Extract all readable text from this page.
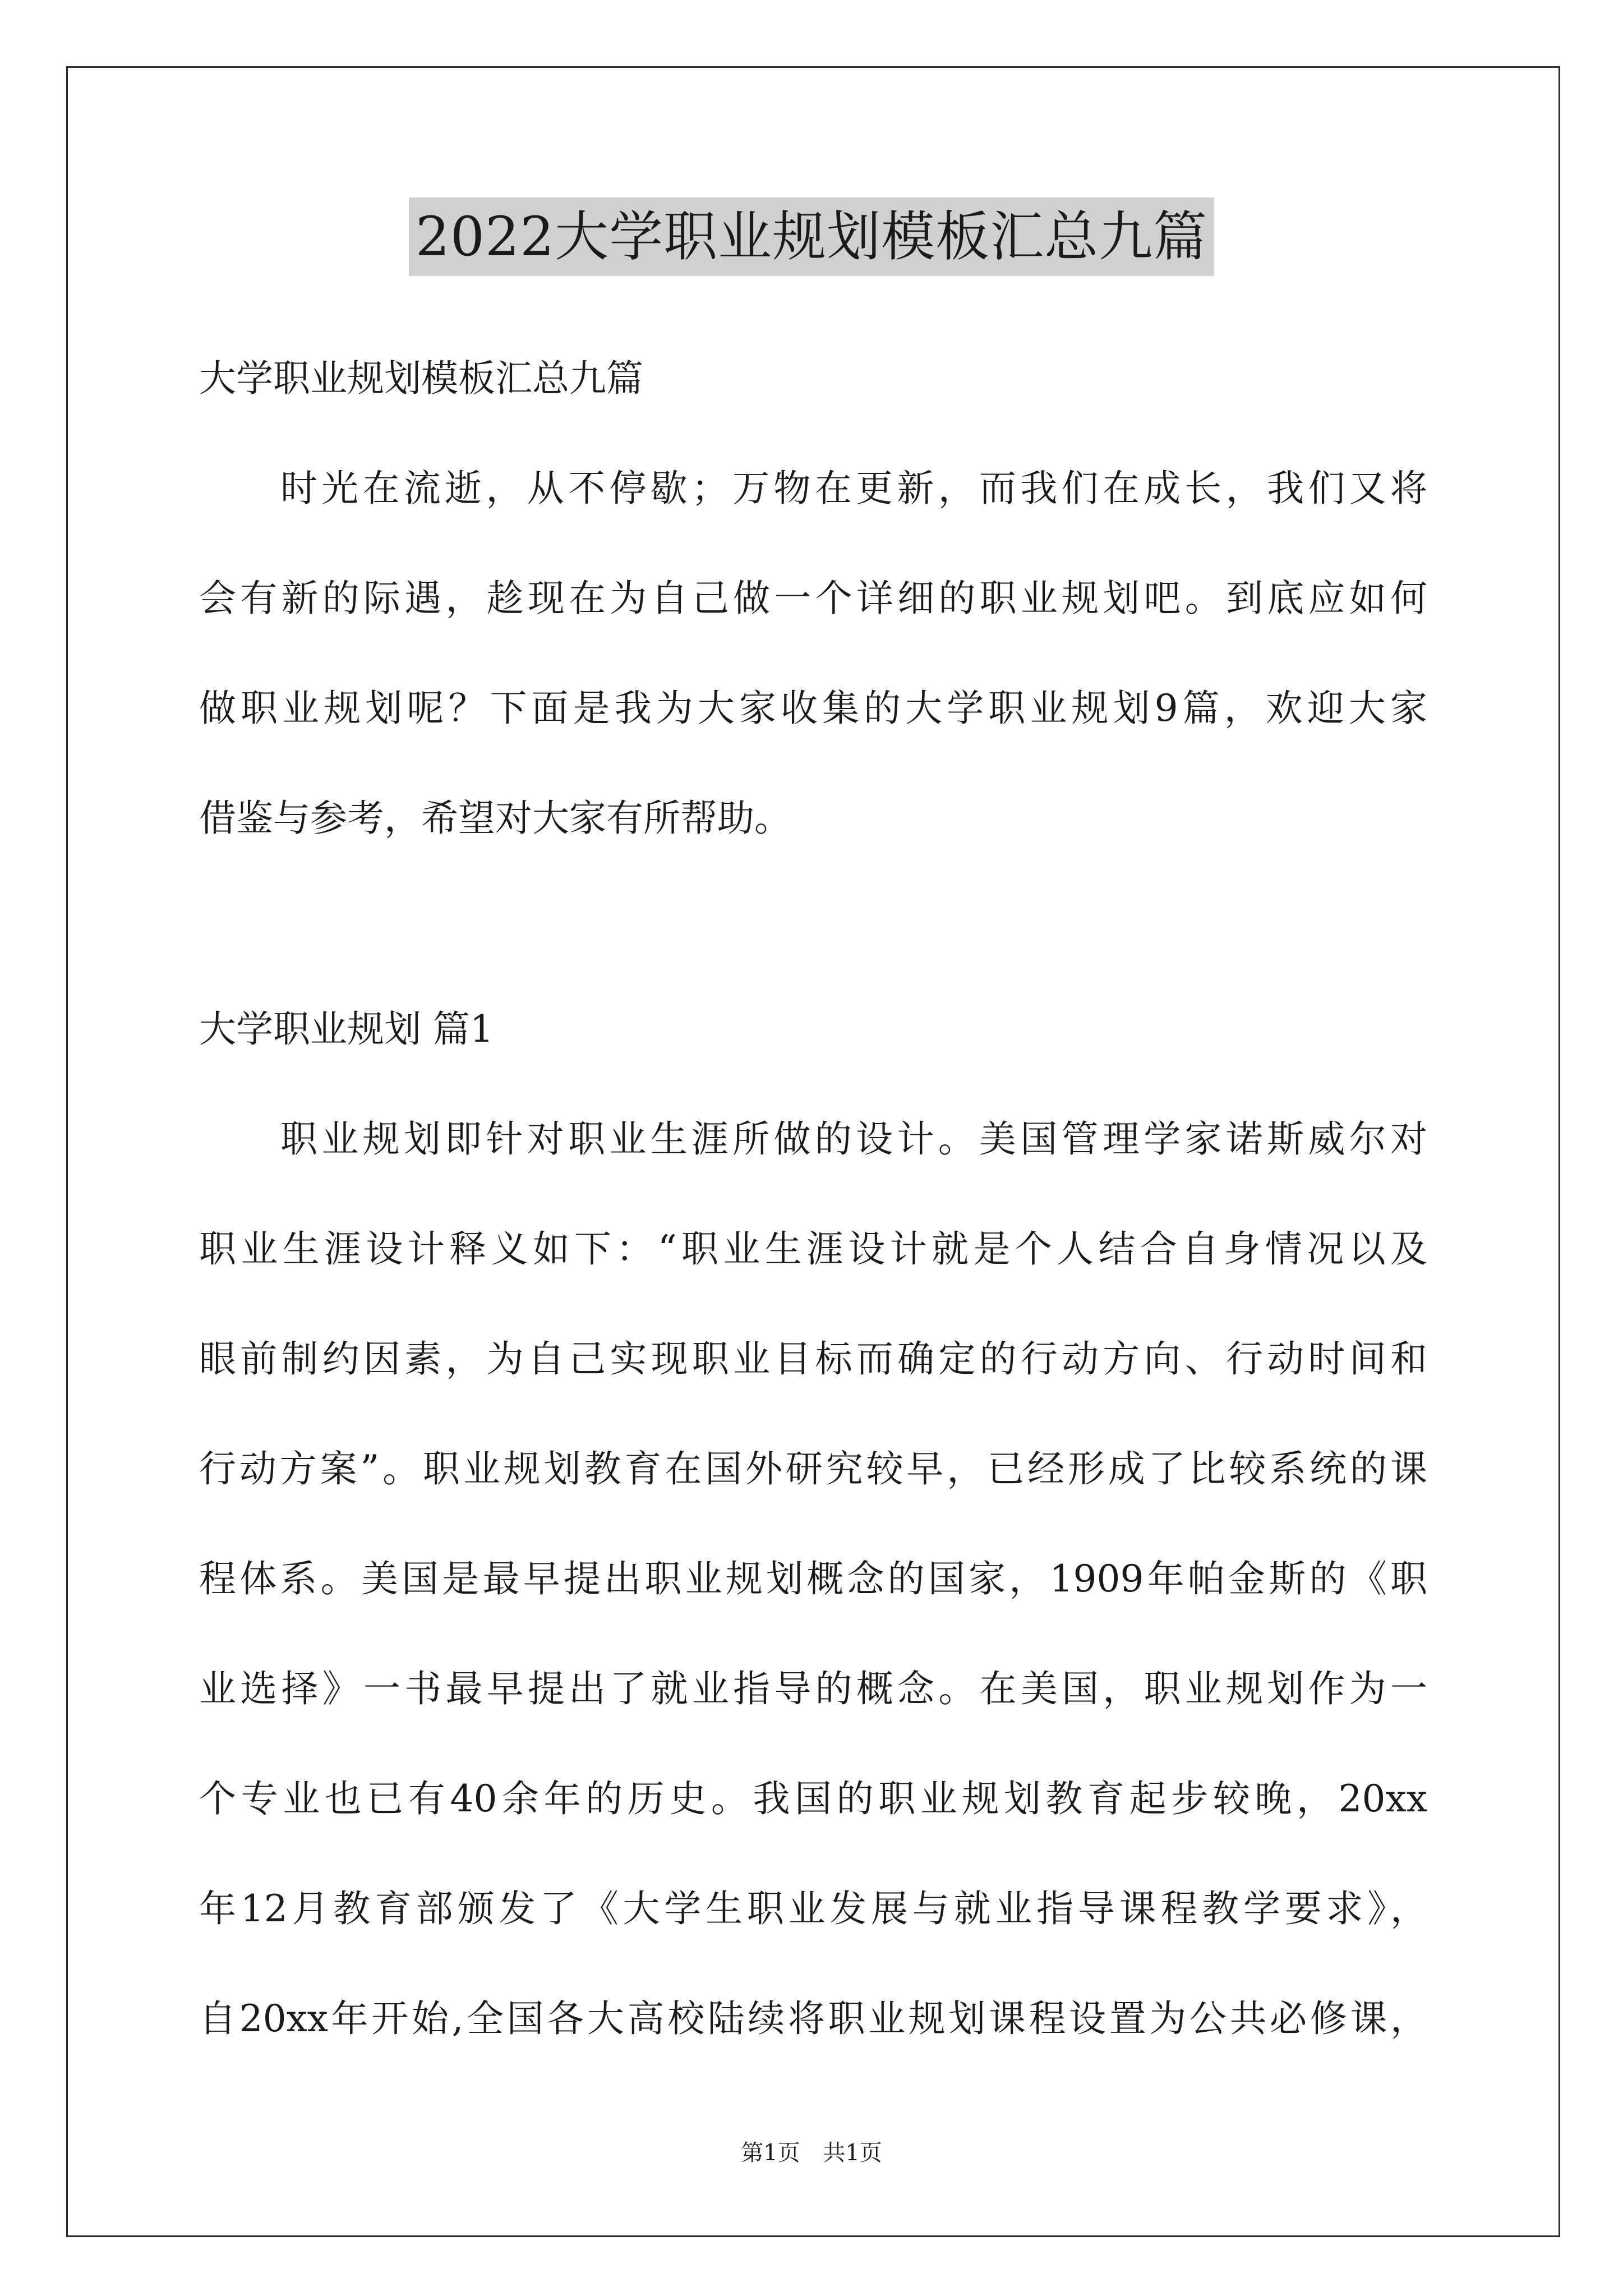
2022大学职业规划模板汇总九篇
大学职业规划模板汇总九篇
时光在流逝，从不停歇；万物在更新，而我们在成长，我们又将
会有新的际遇，趁现在为自己做一个详细的职业规划吧。到底应如何
做职业规划呢？下面是我为大家收集的大学职业规划9篇，欢迎大家
借鉴与参考，希望对大家有所帮助。
大学职业规划 篇1
职业规划即针对职业生涯所做的设计。美国管理学家诺斯威尔对
职业生涯设计释义如下：“职业生涯设计就是个人结合自身情况以及
眼前制约因素，为自己实现职业目标而确定的行动方向、行动时间和
行动方案”。职业规划教育在国外研究较早，已经形成了比较系统的课
程体系。美国是最早提出职业规划概念的国家，1909年帕金斯的《职
业选择》一书最早提出了就业指导的概念。在美国，职业规划作为一
个专业也已有40余年的历史。我国的职业规划教育起步较晚，20xx
年12月教育部颁发了《大学生职业发展与就业指导课程教学要求》，
自20xx年开始,全国各大高校陆续将职业规划课程设置为公共必修课，
第1页 共1页
